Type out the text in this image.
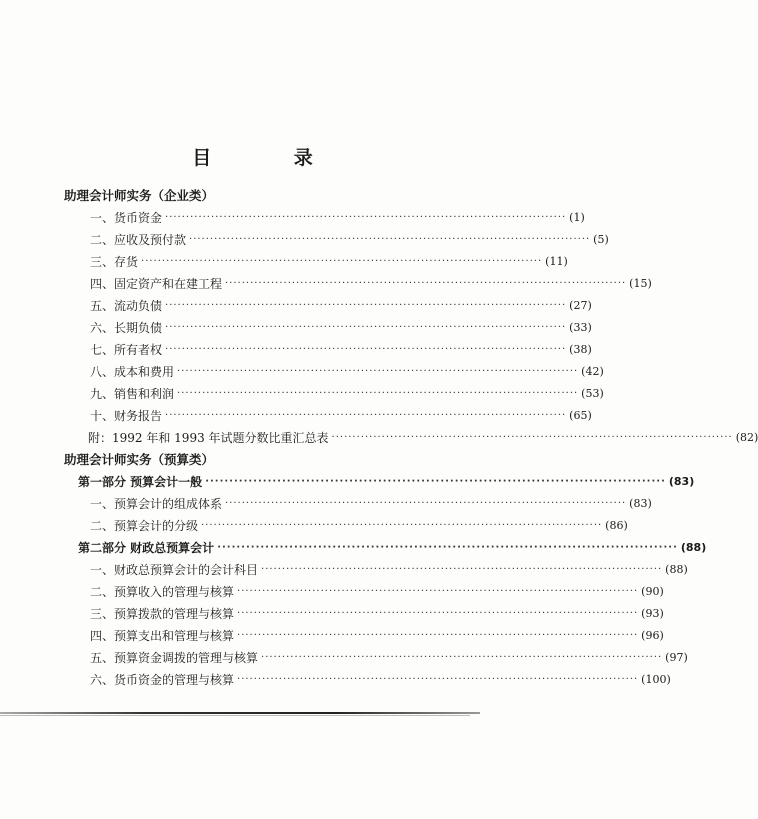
目 录
助理会计师实务（企业类）
一、货币资金 ································································································ (1)
二、应收及预付款 ································································································ (5)
三、存货 ································································································ (11)
四、固定资产和在建工程 ································································································ (15)
五、流动负债 ································································································ (27)
六、长期负债 ································································································ (33)
七、所有者权 ································································································ (38)
八、成本和费用 ································································································ (42)
九、销售和利润 ································································································ (53)
十、财务报告 ································································································ (65)
附：1992 年和 1993 年试题分数比重汇总表 ································································································ (82)
助理会计师实务（预算类）
第一部分 预算会计一般 ································································································ (83)
一、预算会计的组成体系 ································································································ (83)
二、预算会计的分级 ································································································ (86)
第二部分 财政总预算会计 ································································································ (88)
一、财政总预算会计的会计科目 ································································································ (88)
二、预算收入的管理与核算 ································································································ (90)
三、预算拨款的管理与核算 ································································································ (93)
四、预算支出和管理与核算 ································································································ (96)
五、预算资金调拨的管理与核算 ································································································ (97)
六、货币资金的管理与核算 ································································································ (100)
